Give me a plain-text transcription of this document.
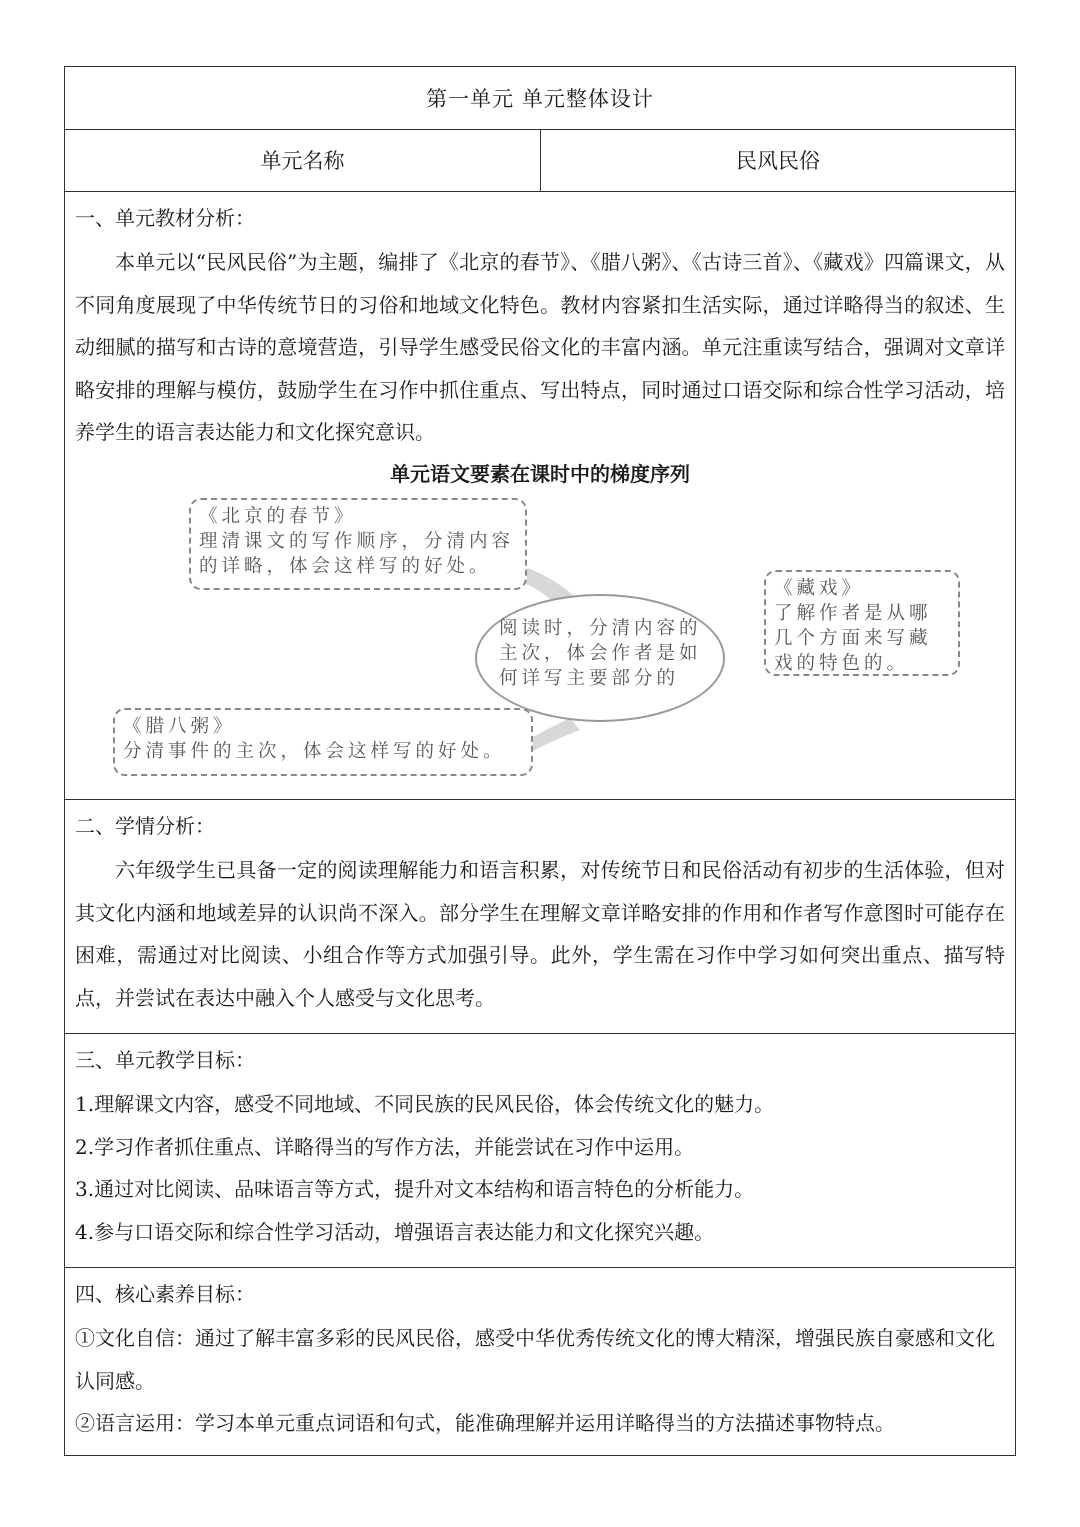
第一单元 单元整体设计
单元名称	民风民俗
一、单元教材分析：

本单元以“民风民俗”为主题，编排了《北京的春节》、《腊八粥》、《古诗三首》、《藏戏》四篇课文，从不同角度展现了中华传统节日的习俗和地域文化特色。教材内容紧扣生活实际，通过详略得当的叙述、生动细腻的描写和古诗的意境营造，引导学生感受民俗文化的丰富内涵。单元注重读写结合，强调对文章详略安排的理解与模仿，鼓励学生在习作中抓住重点、写出特点，同时通过口语交际和综合性学习活动，培养学生的语言表达能力和文化探究意识。

单元语文要素在课时中的梯度序列
《北京的春节》
理清课文的写作顺序，分清内容的详略，体会这样写的好处。
《藏戏》
了解作者是从哪几个方面来写藏戏的特色的。
阅读时，分清内容的主次，体会作者是如何详写主要部分的
《腊八粥》
分清事件的主次，体会这样写的好处。
二、学情分析：

六年级学生已具备一定的阅读理解能力和语言积累，对传统节日和民俗活动有初步的生活体验，但对其文化内涵和地域差异的认识尚不深入。部分学生在理解文章详略安排的作用和作者写作意图时可能存在困难，需通过对比阅读、小组合作等方式加强引导。此外，学生需在习作中学习如何突出重点、描写特点，并尝试在表达中融入个人感受与文化思考。

三、单元教学目标：
1.理解课文内容，感受不同地域、不同民族的民风民俗，体会传统文化的魅力。
2.学习作者抓住重点、详略得当的写作方法，并能尝试在习作中运用。
3.通过对比阅读、品味语言等方式，提升对文本结构和语言特色的分析能力。
4.参与口语交际和综合性学习活动，增强语言表达能力和文化探究兴趣。
四、核心素养目标：
①文化自信：通过了解丰富多彩的民风民俗，感受中华优秀传统文化的博大精深，增强民族自豪感和文化认同感。
②语言运用：学习本单元重点词语和句式，能准确理解并运用详略得当的方法描述事物特点。
